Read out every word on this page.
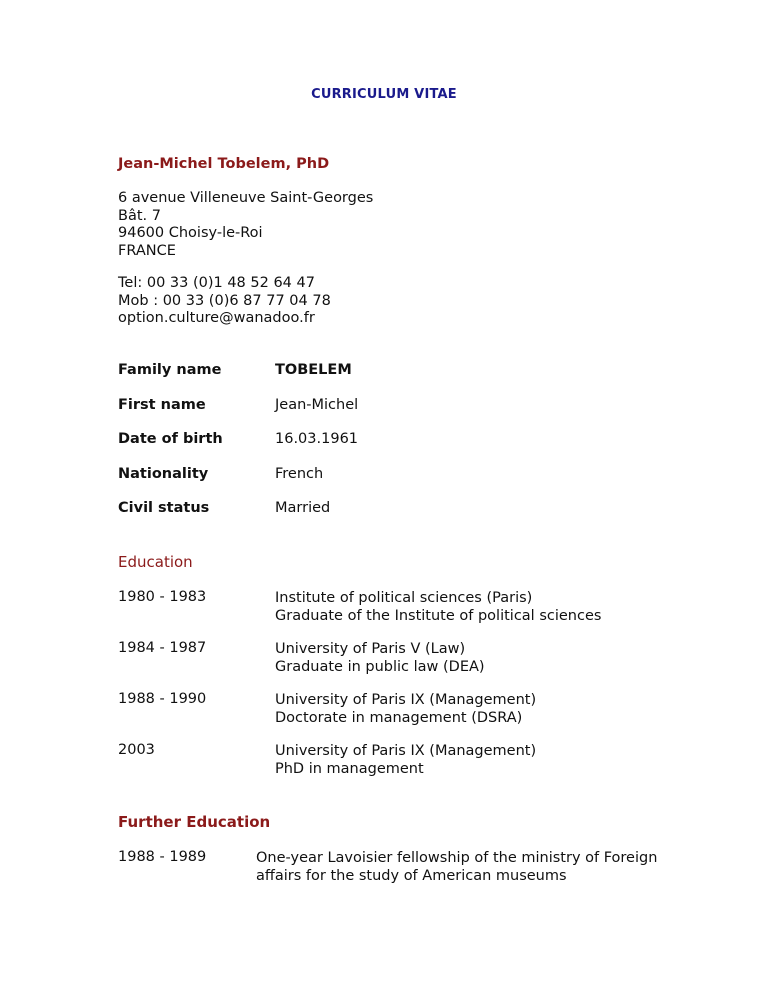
CURRICULUM VITAE
Jean-Michel Tobelem, PhD
6 avenue Villeneuve Saint-Georges
Bât. 7
94600 Choisy-le-Roi
FRANCE
Tel: 00 33 (0)1 48 52 64 47
Mob : 00 33 (0)6 87 77 04 78
option.culture@wanadoo.fr
Family name	TOBELEM
First name	Jean-Michel
Date of birth	16.03.1961
Nationality	French
Civil status	Married
Education
1980 - 1983	Institute of political sciences (Paris)
Graduate of the Institute of political sciences
1984 - 1987	University of Paris V (Law)
Graduate in public law (DEA)
1988 - 1990	University of Paris IX (Management)
Doctorate in management (DSRA)
2003	University of Paris IX (Management)
PhD in management
Further Education
1988 - 1989	One-year Lavoisier fellowship of the ministry of Foreign
affairs for the study of American museums
